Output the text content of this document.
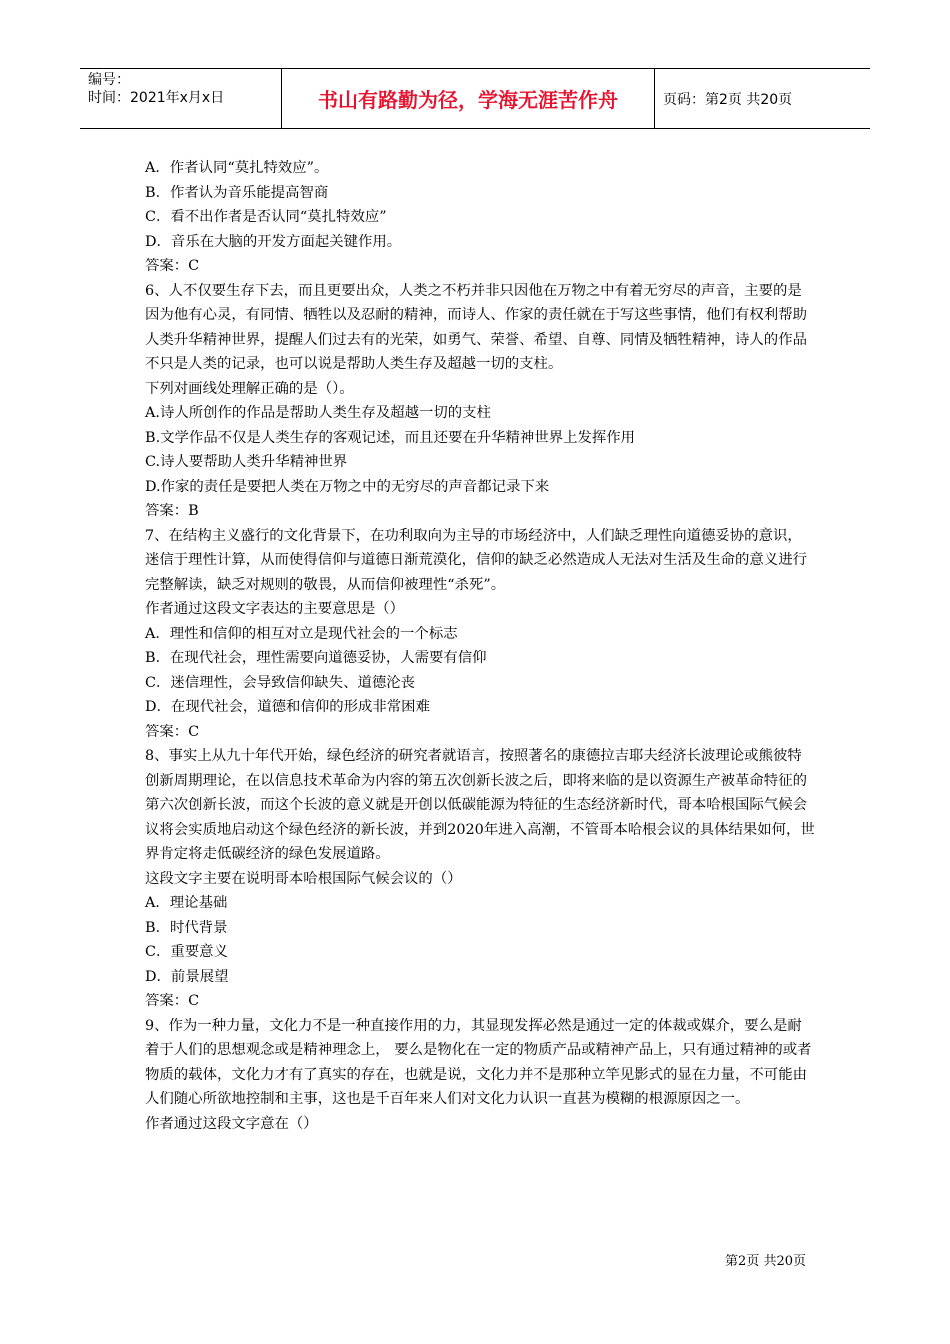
编号：
时间：2021年x月x日	书山有路勤为径，学海无涯苦作舟	页码：第2页 共20页

A．作者认同“莫扎特效应”。

B．作者认为音乐能提高智商

C．看不出作者是否认同“莫扎特效应”

D．音乐在大脑的开发方面起关键作用。

答案：C

6、人不仅要生存下去，而且更要出众，人类之不朽并非只因他在万物之中有着无穷尽的声音，主要的是因为他有心灵，有同情、牺牲以及忍耐的精神，而诗人、作家的责任就在于写这些事情，他们有权利帮助人类升华精神世界，提醒人们过去有的光荣，如勇气、荣誉、希望、自尊、同情及牺牲精神，诗人的作品不只是人类的记录，也可以说是帮助人类生存及超越一切的支柱。

下列对画线处理解正确的是（）。

A.诗人所创作的作品是帮助人类生存及超越一切的支柱

B.文学作品不仅是人类生存的客观记述，而且还要在升华精神世界上发挥作用

C.诗人要帮助人类升华精神世界

D.作家的责任是要把人类在万物之中的无穷尽的声音都记录下来

答案：B

7、在结构主义盛行的文化背景下，在功利取向为主导的市场经济中，人们缺乏理性向道德妥协的意识，迷信于理性计算，从而使得信仰与道德日渐荒漠化，信仰的缺乏必然造成人无法对生活及生命的意义进行完整解读，缺乏对规则的敬畏，从而信仰被理性“杀死”。

作者通过这段文字表达的主要意思是（）

A．理性和信仰的相互对立是现代社会的一个标志

B．在现代社会，理性需要向道德妥协，人需要有信仰

C．迷信理性，会导致信仰缺失、道德沦丧

D．在现代社会，道德和信仰的形成非常困难

答案：C

8、事实上从九十年代开始，绿色经济的研究者就语言，按照著名的康德拉吉耶夫经济长波理论或熊彼特创新周期理论，在以信息技术革命为内容的第五次创新长波之后，即将来临的是以资源生产被革命特征的第六次创新长波，而这个长波的意义就是开创以低碳能源为特征的生态经济新时代，哥本哈根国际气候会议将会实质地启动这个绿色经济的新长波，并到2020年进入高潮，不管哥本哈根会议的具体结果如何，世界肯定将走低碳经济的绿色发展道路。

这段文字主要在说明哥本哈根国际气候会议的（）

A．理论基础

B．时代背景

C．重要意义

D．前景展望

答案：C

9、作为一种力量，文化力不是一种直接作用的力，其显现发挥必然是通过一定的体裁或媒介，要么是耐着于人们的思想观念或是精神理念上， 要么是物化在一定的物质产品或精神产品上，只有通过精神的或者物质的载体，文化力才有了真实的存在，也就是说，文化力并不是那种立竿见影式的显在力量，不可能由人们随心所欲地控制和主事，这也是千百年来人们对文化力认识一直甚为模糊的根源原因之一。

作者通过这段文字意在（）

第2页 共20页
